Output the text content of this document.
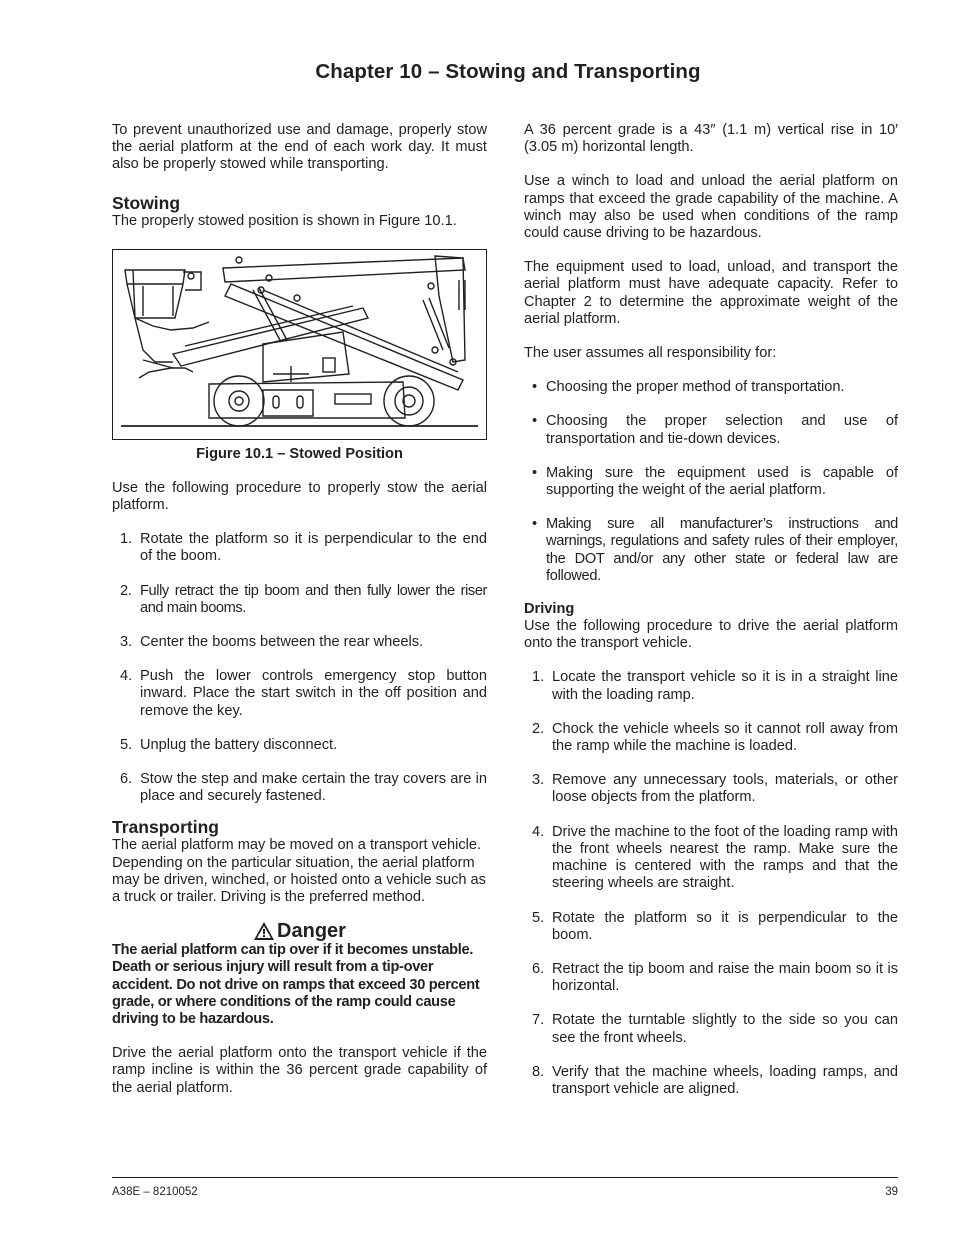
Chapter 10 – Stowing and Transporting

To prevent unauthorized use and damage, properly stow the aerial platform at the end of each work day. It must also be properly stowed while transporting.

Stowing

The properly stowed position is shown in Figure 10.1.

Figure 10.1 – Stowed Position

Use the following procedure to properly stow the aerial platform.

1. Rotate the platform so it is perpendicular to the end of the boom.
2. Fully retract the tip boom and then fully lower the riser and main booms.
3. Center the booms between the rear wheels.
4. Push the lower controls emergency stop button inward. Place the start switch in the off position and remove the key.
5. Unplug the battery disconnect.
6. Stow the step and make certain the tray covers are in place and securely fastened.
Transporting

The aerial platform may be moved on a transport vehicle. Depending on the particular situation, the aerial platform may be driven, winched, or hoisted onto a vehicle such as a truck or trailer. Driving is the preferred method.

Danger

The aerial platform can tip over if it becomes unstable. Death or serious injury will result from a tip-over accident. Do not drive on ramps that exceed 30 percent grade, or where conditions of the ramp could cause driving to be hazardous.

Drive the aerial platform onto the transport vehicle if the ramp incline is within the 36 percent grade capability of the aerial platform.

A 36 percent grade is a 43″ (1.1 m) vertical rise in 10′ (3.05 m) horizontal length.

Use a winch to load and unload the aerial platform on ramps that exceed the grade capability of the machine. A winch may also be used when conditions of the ramp could cause driving to be hazardous.

The equipment used to load, unload, and transport the aerial platform must have adequate capacity. Refer to Chapter 2 to determine the approximate weight of the aerial platform.

The user assumes all responsibility for:

• Choosing the proper method of transportation.
• Choosing the proper selection and use of transportation and tie-down devices.
• Making sure the equipment used is capable of supporting the weight of the aerial platform.
• Making sure all manufacturer’s instructions and warnings, regulations and safety rules of their employer, the DOT and/or any other state or federal law are followed.
Driving

Use the following procedure to drive the aerial platform onto the transport vehicle.

1. Locate the transport vehicle so it is in a straight line with the loading ramp.
2. Chock the vehicle wheels so it cannot roll away from the ramp while the machine is loaded.
3. Remove any unnecessary tools, materials, or other loose objects from the platform.
4. Drive the machine to the foot of the loading ramp with the front wheels nearest the ramp. Make sure the machine is centered with the ramps and that the steering wheels are straight.
5. Rotate the platform so it is perpendicular to the boom.
6. Retract the tip boom and raise the main boom so it is horizontal.
7. Rotate the turntable slightly to the side so you can see the front wheels.
8. Verify that the machine wheels, loading ramps, and transport vehicle are aligned.
A38E – 8210052	39
